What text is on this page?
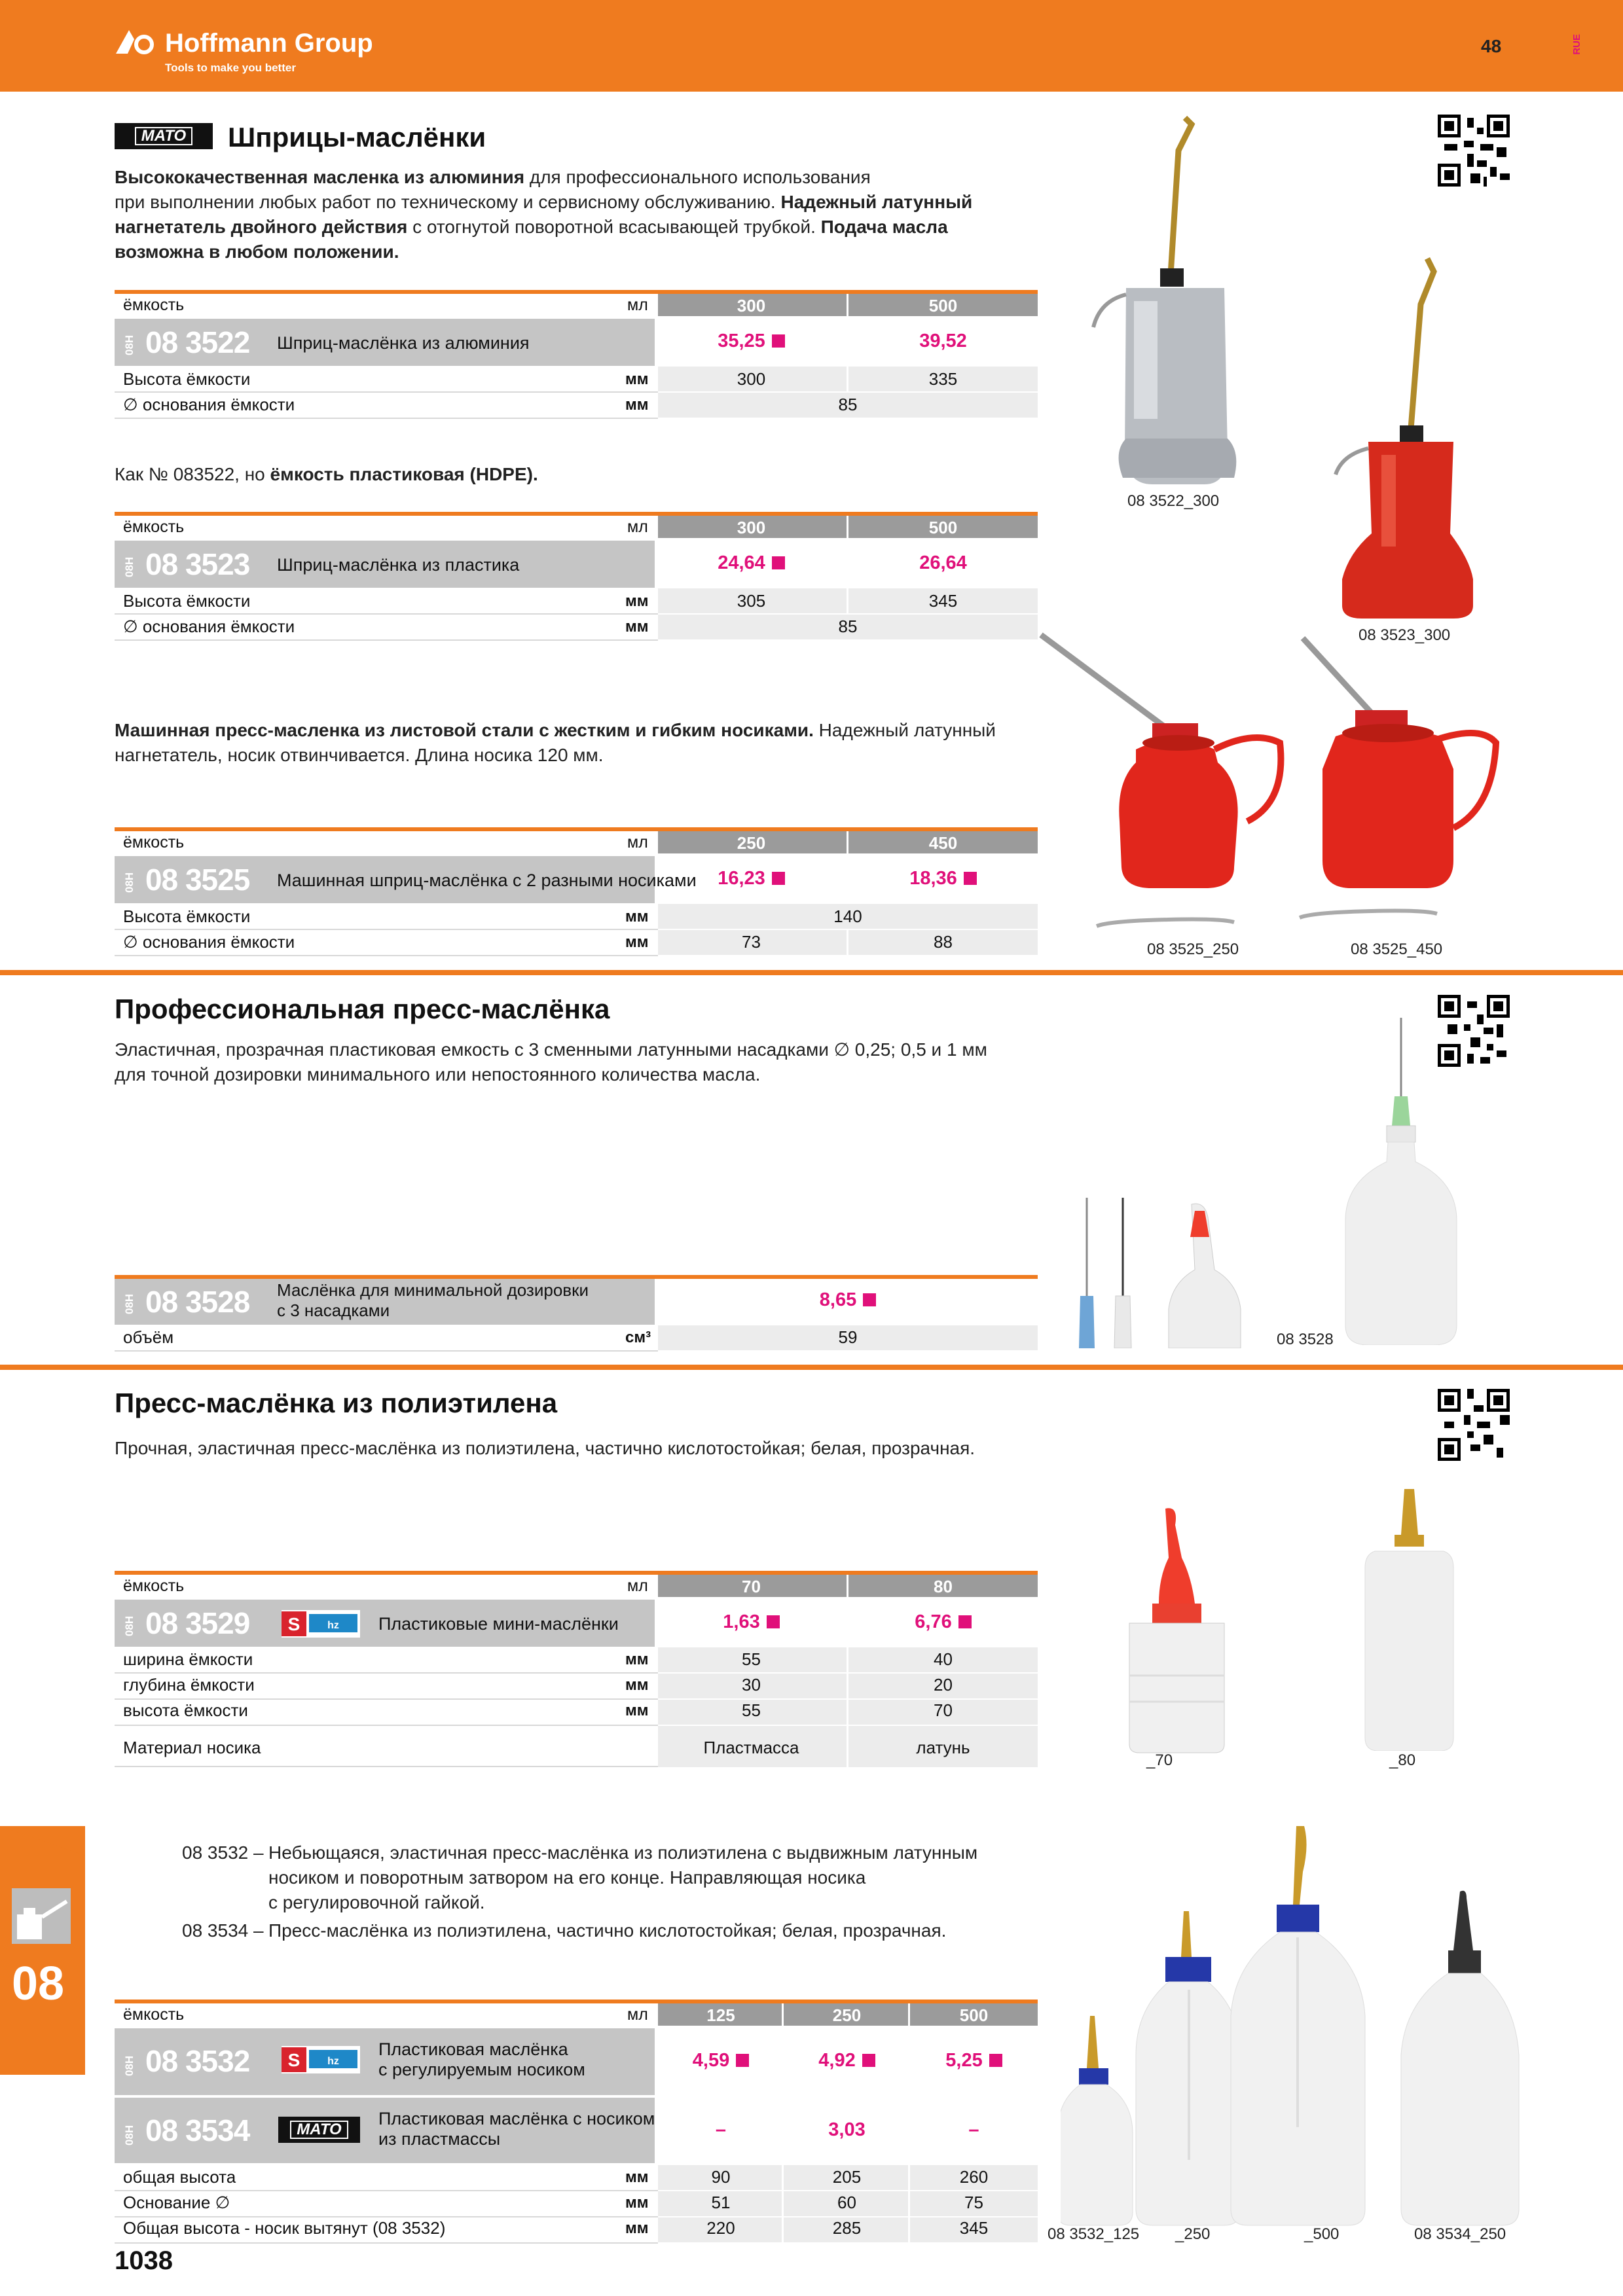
Hoffmann Group
Tools to make you better
48	RUE
MATO	Шприцы-маслёнки
Высококачественная масленка из алюминия для профессионального использования
при выполнении любых работ по техническому и сервисному обслуживанию. Надежный латунный
нагнетатель двойного действия с отогнутой поворотной всасывающей трубкой. Подача масла
возможна в любом положении.
ёмкость	мл	300	500
08H 08 3522 Шприц-маслёнка из алюминия	35,25	39,52
Высота ёмкости	мм	300	335
∅ основания ёмкости	мм	85
Как № 083522, но ёмкость пластиковая (HDPE).
ёмкость	мл	300	500
08H 08 3523 Шприц-маслёнка из пластика	24,64	26,64
Высота ёмкости	мм	305	345
∅ основания ёмкости	мм	85
08 3522_300
08 3523_300
Машинная пресс-масленка из листовой стали с жестким и гибким носиками. Надежный латунный
нагнетатель, носик отвинчивается. Длина носика 120 мм.
ёмкость	мл	250	450
08H 08 3525 Машинная шприц-маслёнка с 2 разными носиками	16,23	18,36
Высота ёмкости	мм	140
∅ основания ёмкости	мм	73	88	08 3525_250	08 3525_450
Профессиональная пресс-маслёнка
Эластичная, прозрачная пластиковая емкость с 3 сменными латунными насадками ∅ 0,25; 0,5 и 1 мм
для точной дозировки минимального или непостоянного количества масла.
08H 08 3528 Маслёнка для минимальной дозировки
с 3 насадками	8,65
объём	см³	59	08 3528
Пресс-маслёнка из полиэтилена
Прочная, эластичная пресс-маслёнка из полиэтилена, частично кислотостойкая; белая, прозрачная.
ёмкость	мл	70	80
08H 08 3529 S	hz Пластиковые мини-маслёнки	1,63	6,76
ширина ёмкости	мм	55	40
глубина ёмкости	мм	30	20
высота ёмкости	мм	55	70
Материал носика	Пластмасса	латунь
_70	_80
08 3532 – Небьющаяся, эластичная пресс-маслёнка из полиэтилена с выдвижным латунным
носиком и поворотным затвором на его конце. Направляющая носика
с регулировочной гайкой.
08 3534 – Пресс-маслёнка из полиэтилена, частично кислотостойкая; белая, прозрачная.
ёмкость	мл	125	250	500
08H 08 3532 S	hz
Пластиковая маслёнка
с регулируемым носиком	4,59	4,92	5,25
08H 08 3534	MATO
Пластиковая маслёнка с носиком
из пластмассы	–	3,03	–
общая высота	мм	90	205	260
Основание ∅	мм	51	60	75
Общая высота - носик вытянут (08 3532)	мм	220	285	345	08 3532_125 _250	_500	08 3534_250
08
1038
